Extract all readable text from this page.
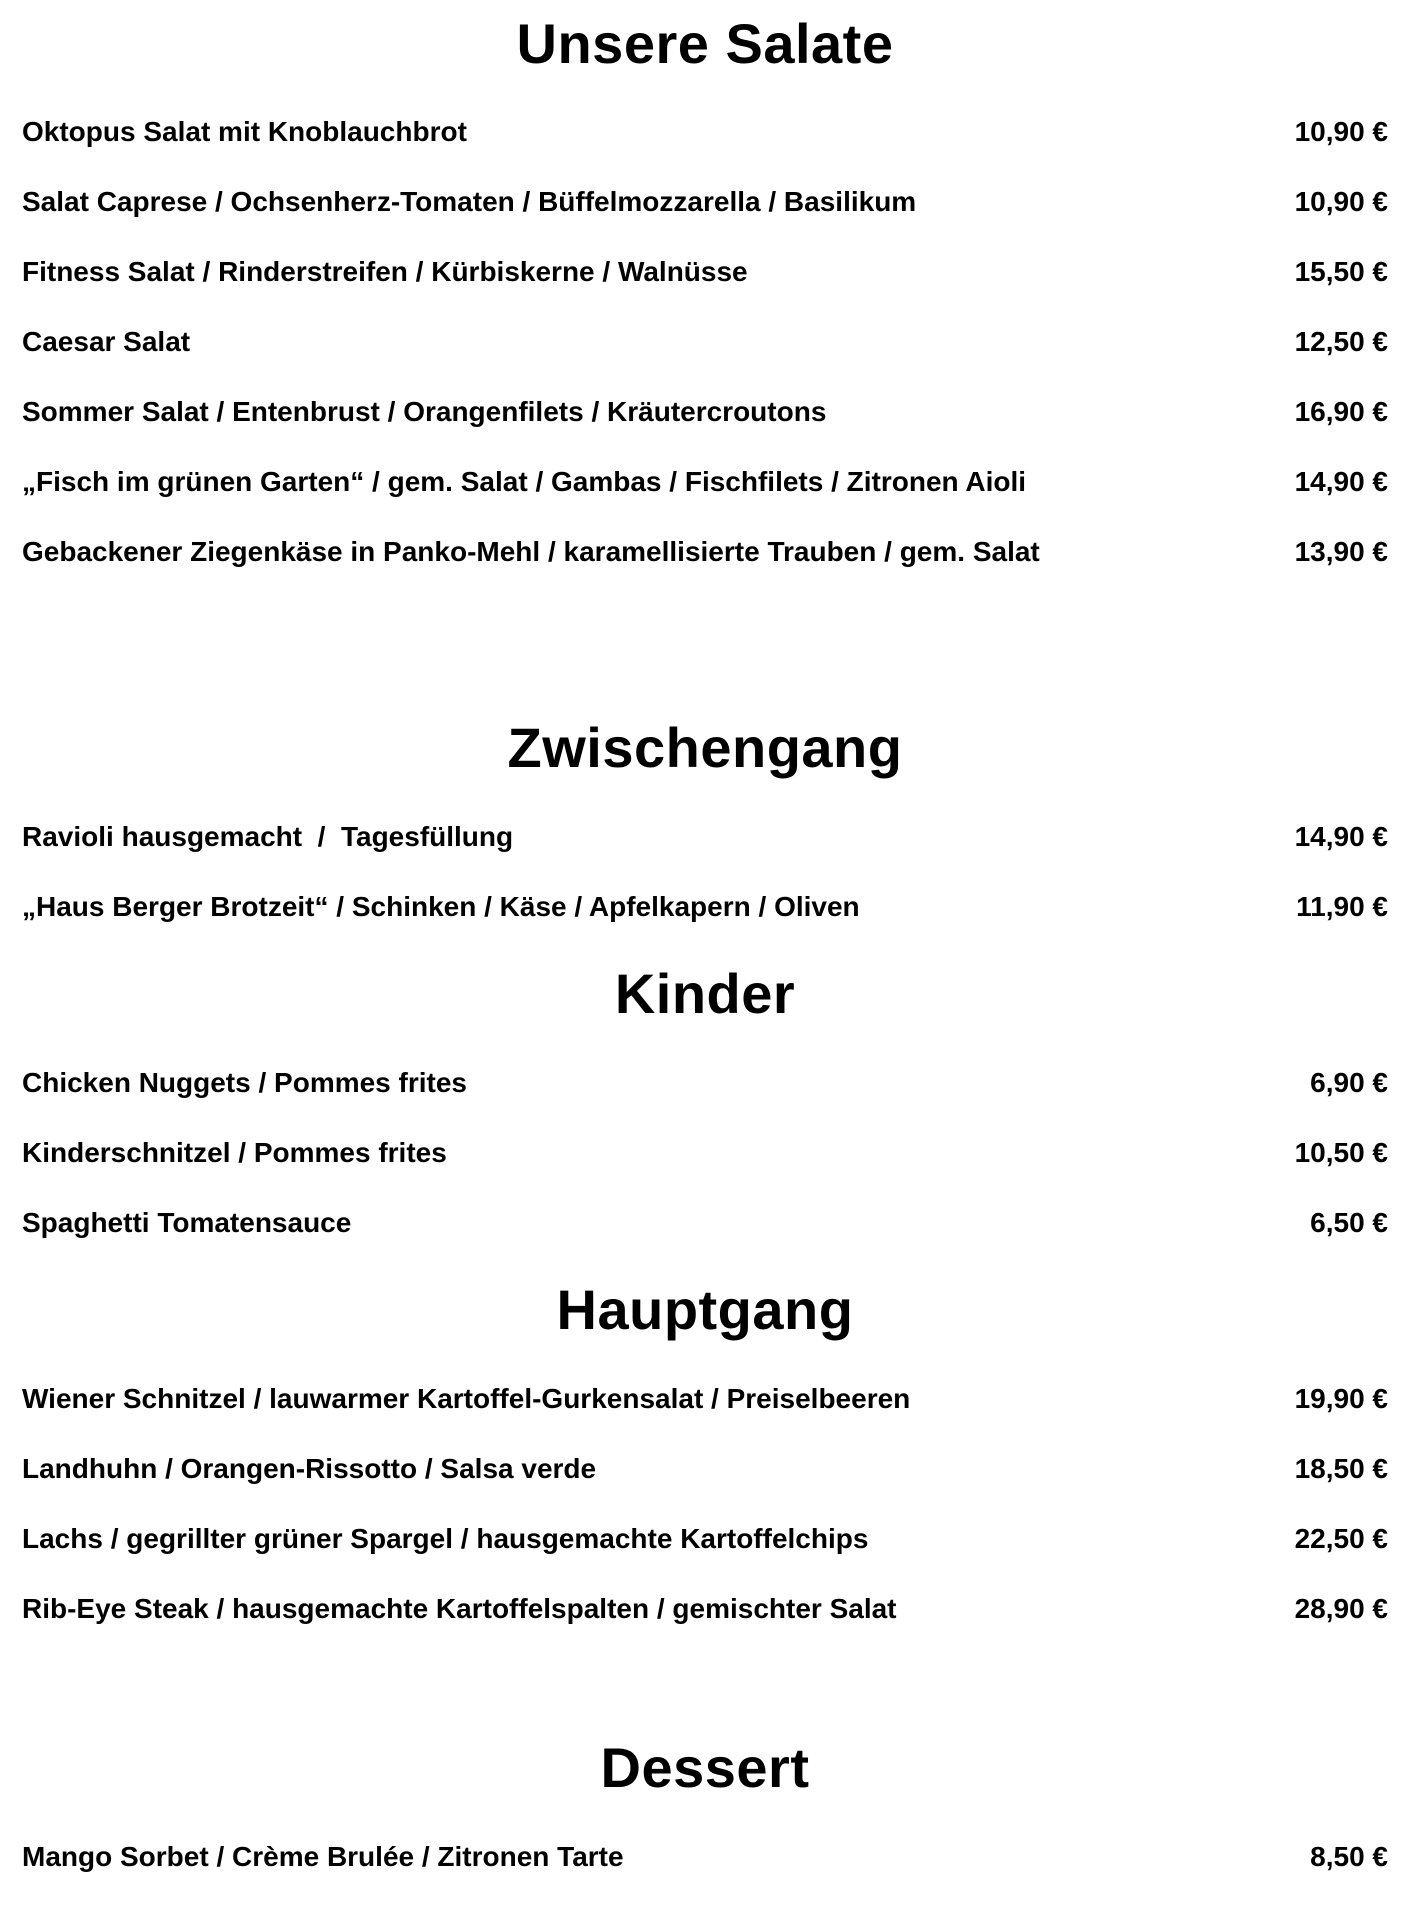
Unsere Salate
Oktopus Salat mit Knoblauchbrot	10,90 €
Salat Caprese / Ochsenherz-Tomaten / Büffelmozzarella / Basilikum	10,90 €
Fitness Salat / Rinderstreifen / Kürbiskerne / Walnüsse	15,50 €
Caesar Salat	12,50 €
Sommer Salat / Entenbrust / Orangenfilets / Kräutercroutons	16,90 €
„Fisch im grünen Garten“ / gem. Salat / Gambas / Fischfilets / Zitronen Aioli	14,90 €
Gebackener Ziegenkäse in Panko-Mehl / karamellisierte Trauben / gem. Salat	13,90 €
Zwischengang
Ravioli hausgemacht  /  Tagesfüllung	14,90 €
„Haus Berger Brotzeit“ / Schinken / Käse / Apfelkapern / Oliven	11,90 €
Kinder
Chicken Nuggets / Pommes frites	6,90 €
Kinderschnitzel / Pommes frites	10,50 €
Spaghetti Tomatensauce	6,50 €
Hauptgang
Wiener Schnitzel / lauwarmer Kartoffel-Gurkensalat / Preiselbeeren	19,90 €
Landhuhn / Orangen-Rissotto / Salsa verde	18,50 €
Lachs / gegrillter grüner Spargel / hausgemachte Kartoffelchips	22,50 €
Rib-Eye Steak / hausgemachte Kartoffelspalten / gemischter Salat	28,90 €
Dessert
Mango Sorbet / Crème Brulée / Zitronen Tarte	8,50 €
